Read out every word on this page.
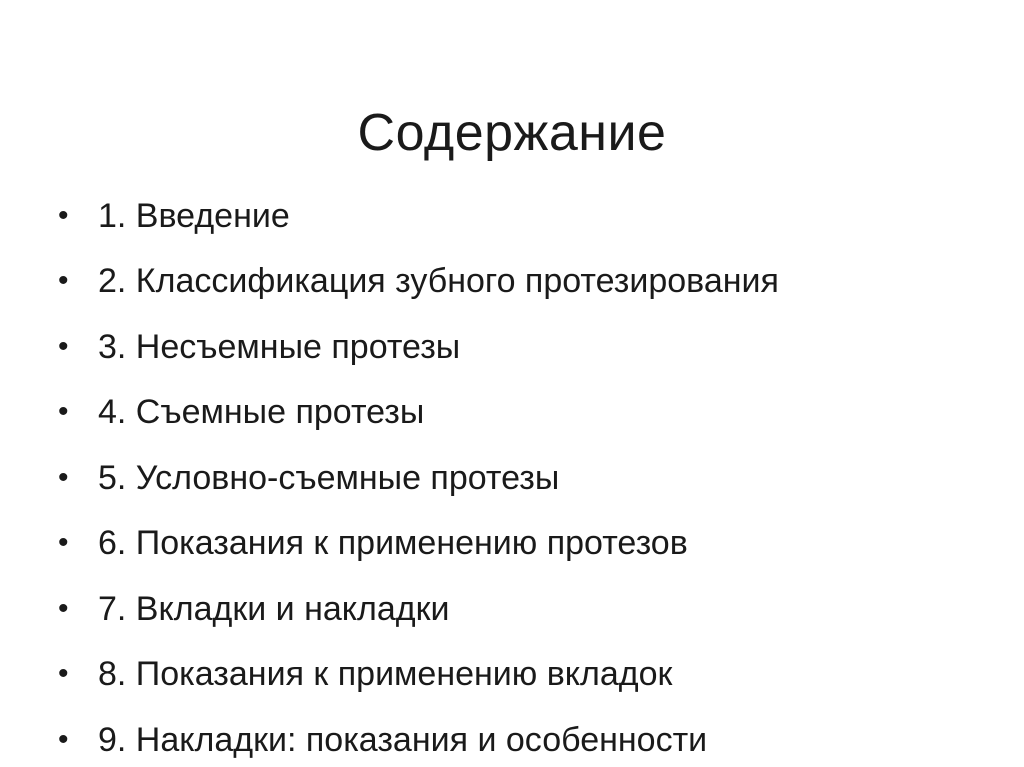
Содержание
• 1. Введение
• 2. Классификация зубного протезирования
• 3. Несъемные протезы
• 4. Съемные протезы
• 5. Условно-съемные протезы
• 6. Показания к применению протезов
• 7. Вкладки и накладки
• 8. Показания к применению вкладок
• 9. Накладки: показания и особенности
